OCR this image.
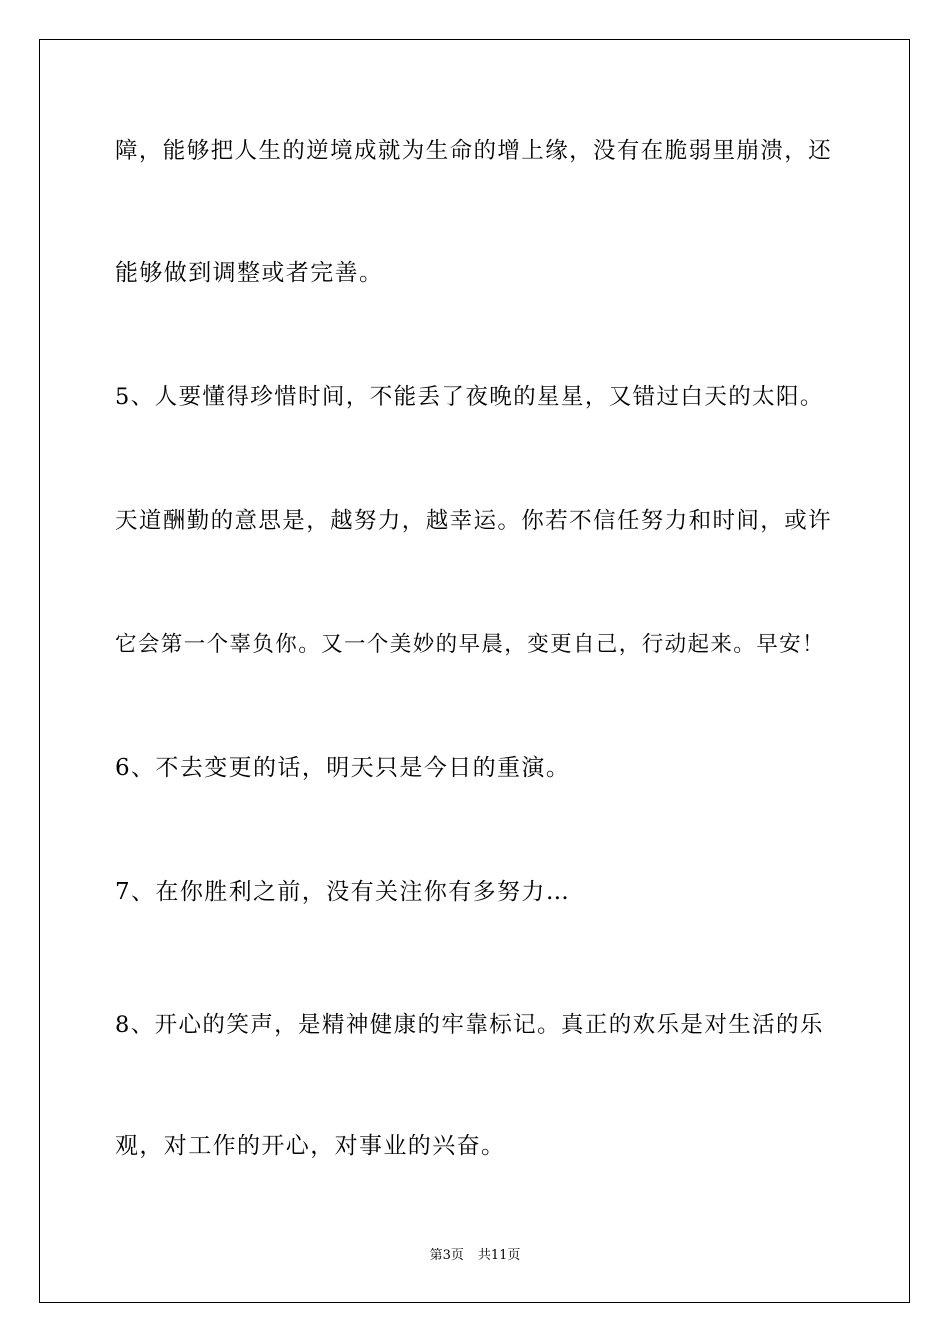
障，能够把人生的逆境成就为生命的增上缘，没有在脆弱里崩溃，还
能够做到调整或者完善。
5、人要懂得珍惜时间，不能丢了夜晚的星星，又错过白天的太阳。
天道酬勤的意思是，越努力，越幸运。你若不信任努力和时间，或许
它会第一个辜负你。又一个美妙的早晨，变更自己，行动起来。早安！
6、不去变更的话，明天只是今日的重演。
7、在你胜利之前，没有关注你有多努力…
8、开心的笑声，是精神健康的牢靠标记。真正的欢乐是对生活的乐
观，对工作的开心，对事业的兴奋。
第3页 共11页
